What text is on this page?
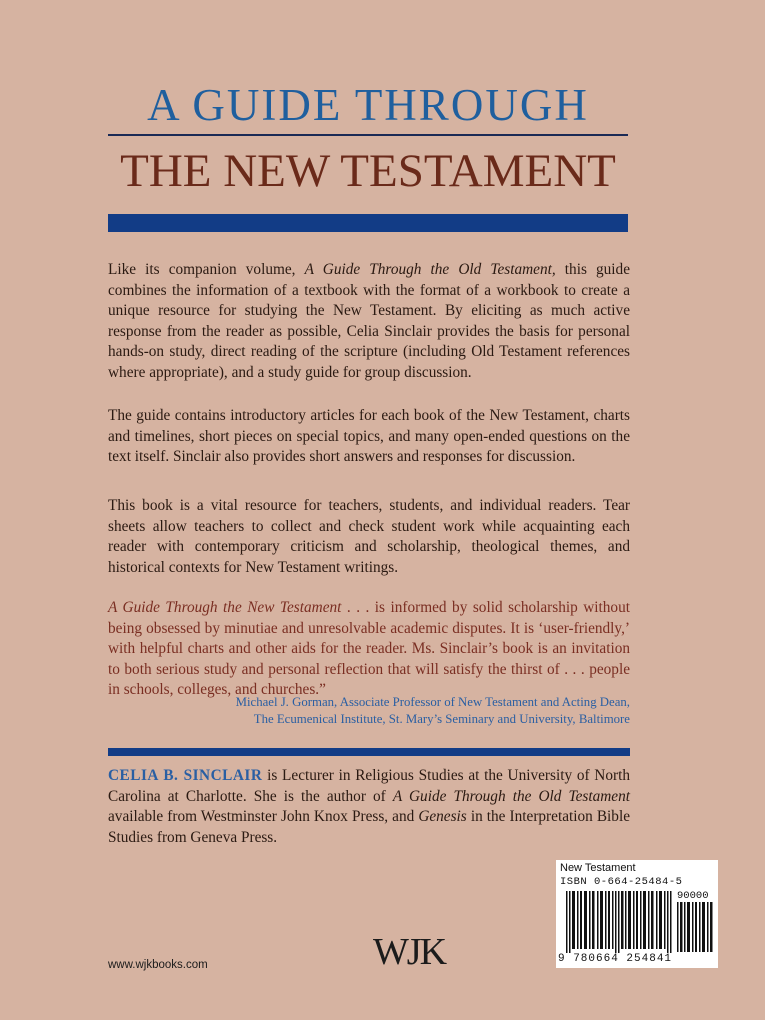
A GUIDE THROUGH
THE NEW TESTAMENT
Like its companion volume, A Guide Through the Old Testament, this guide combines the information of a textbook with the format of a workbook to create a unique resource for studying the New Testament. By eliciting as much active response from the reader as possible, Celia Sinclair provides the basis for personal hands-on study, direct reading of the scripture (including Old Testament references where appropriate), and a study guide for group discussion.
The guide contains introductory articles for each book of the New Testament, charts and timelines, short pieces on special topics, and many open-ended questions on the text itself. Sinclair also provides short answers and responses for discussion.
This book is a vital resource for teachers, students, and individual readers. Tear sheets allow teachers to collect and check student work while acquainting each reader with contemporary criticism and scholarship, theological themes, and historical contexts for New Testament writings.
A Guide Through the New Testament . . . is informed by solid scholarship without being obsessed by minutiae and unresolvable academic disputes. It is ‘user-friendly,’ with helpful charts and other aids for the reader. Ms. Sinclair’s book is an invitation to both serious study and personal reflection that will satisfy the thirst of . . . people in schools, colleges, and churches.”
Michael J. Gorman, Associate Professor of New Testament and Acting Dean,
The Ecumenical Institute, St. Mary’s Seminary and University, Baltimore
CELIA B. SINCLAIR is Lecturer in Religious Studies at the University of North Carolina at Charlotte. She is the author of A Guide Through the Old Testament available from Westminster John Knox Press, and Genesis in the Interpretation Bible Studies from Geneva Press.
www.wjkbooks.com	WJK
New Testament
ISBN 0-664-25484-5
90000
9 780664 254841
